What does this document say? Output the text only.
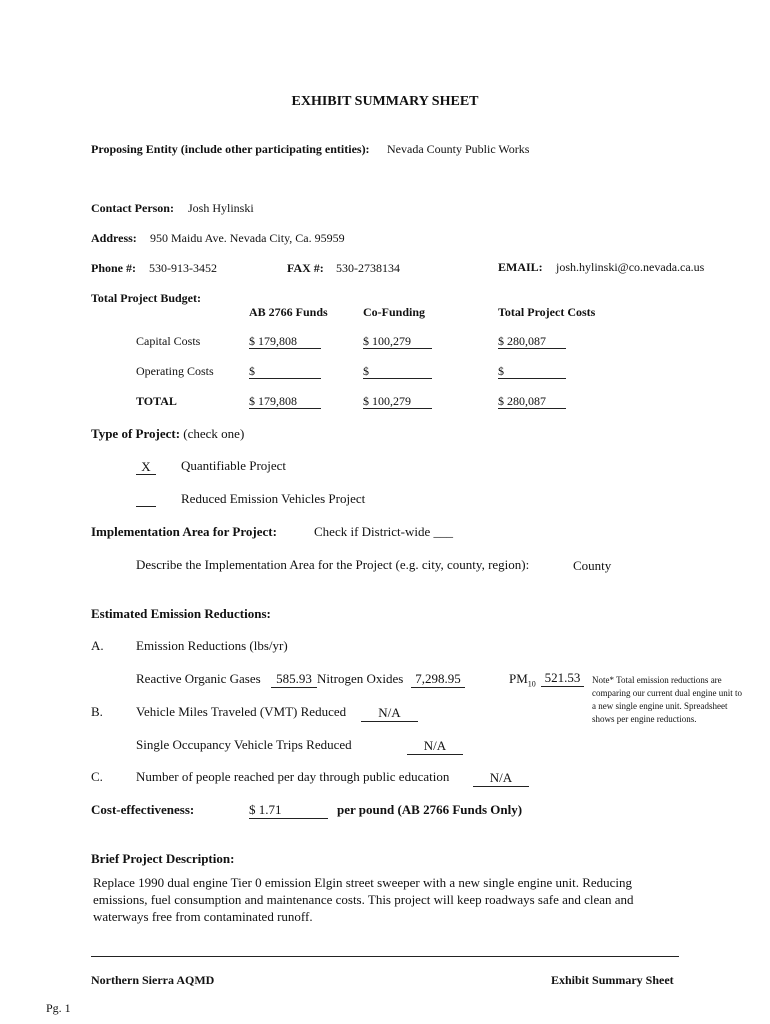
EXHIBIT SUMMARY SHEET
Proposing Entity (include other participating entities): Nevada County Public Works
Contact Person: Josh Hylinski
Address: 950 Maidu Ave. Nevada City, Ca. 95959
Phone #: 530-913-3452	FAX #: 530-2738134	EMAIL: josh.hylinski@co.nevada.ca.us
Total Project Budget:
AB 2766 Funds	Co-Funding	Total Project Costs
Capital Costs	$ 179,808	$ 100,279	$ 280,087
Operating Costs	$	$	$
TOTAL	$ 179,808	$ 100,279	$ 280,087
Type of Project: (check one)
X	Quantifiable Project
Reduced Emission Vehicles Project
Implementation Area for Project:	Check if District-wide ___
Describe the Implementation Area for the Project (e.g. city, county, region):	County
Estimated Emission Reductions:
A. Emission Reductions (lbs/yr)
Reactive Organic Gases	585.93 Nitrogen Oxides 7,298.95	$PM_{10}$ 521.53	Note* Total emission reductions are comparing our current dual engine unit to a new single engine unit. Spreadsheet shows per engine reductions.
B.	Vehicle Miles Traveled (VMT) Reduced	N/A
Single Occupancy Vehicle Trips Reduced	N/A
C.	Number of people reached per day through public education	N/A
Cost-effectiveness:	$ 1.71	per pound (AB 2766 Funds Only)
Brief Project Description:
Replace 1990 dual engine Tier 0 emission Elgin street sweeper with a new single engine unit. Reducing emissions, fuel consumption and maintenance costs. This project will keep roadways safe and clean and waterways free from contaminated runoff.
Northern Sierra AQMD	Exhibit Summary Sheet
Pg. 1
